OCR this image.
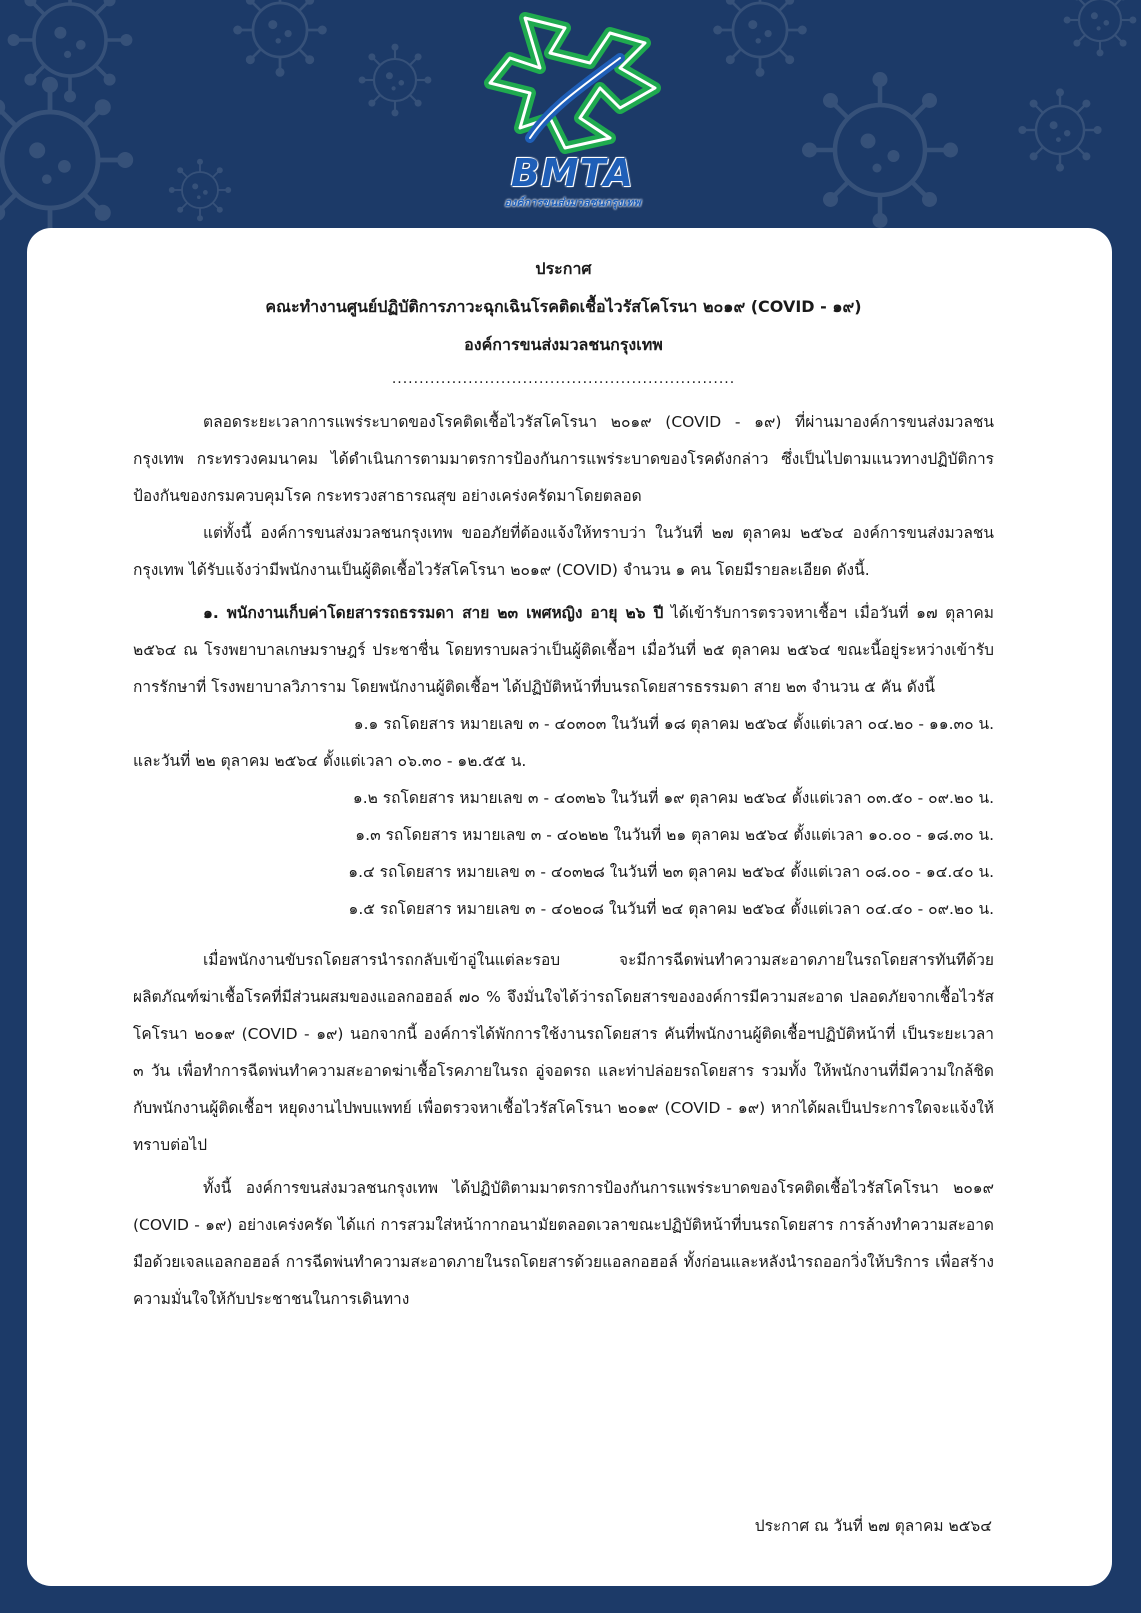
BMTA
องค์การขนส่งมวลชนกรุงเทพ
ประกาศ
คณะทำงานศูนย์ปฏิบัติการภาวะฉุกเฉินโรคติดเชื้อไวรัสโคโรนา ๒๐๑๙ (COVID - ๑๙)
องค์การขนส่งมวลชนกรุงเทพ
...............................................................

ตลอดระยะเวลาการแพร่ระบาดของโรคติดเชื้อไวรัสโคโรนา ๒๐๑๙ (COVID - ๑๙) ที่ผ่านมาองค์การขนส่งมวลชนกรุงเทพ กระทรวงคมนาคม ได้ดำเนินการตามมาตรการป้องกันการแพร่ระบาดของโรคดังกล่าว ซึ่งเป็นไปตามแนวทางปฏิบัติการป้องกันของกรมควบคุมโรค กระทรวงสาธารณสุข อย่างเคร่งครัดมาโดยตลอด

แต่ทั้งนี้ องค์การขนส่งมวลชนกรุงเทพ ขออภัยที่ต้องแจ้งให้ทราบว่า ในวันที่ ๒๗ ตุลาคม ๒๕๖๔ องค์การขนส่งมวลชนกรุงเทพ ได้รับแจ้งว่ามีพนักงานเป็นผู้ติดเชื้อไวรัสโคโรนา ๒๐๑๙ (COVID) จำนวน ๑ คน โดยมีรายละเอียด ดังนี้.

๑. พนักงานเก็บค่าโดยสารรถธรรมดา สาย ๒๓ เพศหญิง อายุ ๒๖ ปี ได้เข้ารับการตรวจหาเชื้อฯ เมื่อวันที่ ๑๗ ตุลาคม ๒๕๖๔ ณ โรงพยาบาลเกษมราษฎร์ ประชาชื่น โดยทราบผลว่าเป็นผู้ติดเชื้อฯ เมื่อวันที่ ๒๕ ตุลาคม ๒๕๖๔ ขณะนี้อยู่ระหว่างเข้ารับการรักษาที่ โรงพยาบาลวิภาราม โดยพนักงานผู้ติดเชื้อฯ ได้ปฏิบัติหน้าที่บนรถโดยสารธรรมดา สาย ๒๓ จำนวน ๕ คัน ดังนี้

๑.๑ รถโดยสาร หมายเลข ๓ - ๔๐๓๐๓ ในวันที่ ๑๘ ตุลาคม ๒๕๖๔ ตั้งแต่เวลา ๐๔.๒๐ - ๑๑.๓๐ น.

และวันที่ ๒๒ ตุลาคม ๒๕๖๔ ตั้งแต่เวลา ๐๖.๓๐ - ๑๒.๕๕ น.

๑.๒ รถโดยสาร หมายเลข ๓ - ๔๐๓๒๖ ในวันที่ ๑๙ ตุลาคม ๒๕๖๔ ตั้งแต่เวลา ๐๓.๕๐ - ๐๙.๒๐ น.

๑.๓ รถโดยสาร หมายเลข ๓ - ๔๐๒๒๒ ในวันที่ ๒๑ ตุลาคม ๒๕๖๔ ตั้งแต่เวลา ๑๐.๐๐ - ๑๘.๓๐ น.

๑.๔ รถโดยสาร หมายเลข ๓ - ๔๐๓๒๘ ในวันที่ ๒๓ ตุลาคม ๒๕๖๔ ตั้งแต่เวลา ๐๘.๐๐ - ๑๔.๔๐ น.

๑.๕ รถโดยสาร หมายเลข ๓ - ๔๐๒๐๘ ในวันที่ ๒๔ ตุลาคม ๒๕๖๔ ตั้งแต่เวลา ๐๔.๔๐ - ๐๙.๒๐ น.

เมื่อพนักงานขับรถโดยสารนำรถกลับเข้าอู่ในแต่ละรอบ จะมีการฉีดพ่นทำความสะอาดภายในรถโดยสารทันทีด้วยผลิตภัณฑ์ฆ่าเชื้อโรคที่มีส่วนผสมของแอลกอฮอล์ ๗๐ % จึงมั่นใจได้ว่ารถโดยสารขององค์การมีความสะอาด ปลอดภัยจากเชื้อไวรัสโคโรนา ๒๐๑๙ (COVID - ๑๙) นอกจากนี้ องค์การได้พักการใช้งานรถโดยสาร คันที่พนักงานผู้ติดเชื้อฯปฏิบัติหน้าที่ เป็นระยะเวลา ๓ วัน เพื่อทำการฉีดพ่นทำความสะอาดฆ่าเชื้อโรคภายในรถ อู่จอดรถ และท่าปล่อยรถโดยสาร รวมทั้ง ให้พนักงานที่มีความใกล้ชิดกับพนักงานผู้ติดเชื้อฯ หยุดงานไปพบแพทย์ เพื่อตรวจหาเชื้อไวรัสโคโรนา ๒๐๑๙ (COVID - ๑๙) หากได้ผลเป็นประการใดจะแจ้งให้ทราบต่อไป

ทั้งนี้ องค์การขนส่งมวลชนกรุงเทพ ได้ปฏิบัติตามมาตรการป้องกันการแพร่ระบาดของโรคติดเชื้อไวรัสโคโรนา ๒๐๑๙ (COVID - ๑๙) อย่างเคร่งครัด ได้แก่ การสวมใส่หน้ากากอนามัยตลอดเวลาขณะปฏิบัติหน้าที่บนรถโดยสาร การล้างทำความสะอาดมือด้วยเจลแอลกอฮอล์ การฉีดพ่นทำความสะอาดภายในรถโดยสารด้วยแอลกอฮอล์ ทั้งก่อนและหลังนำรถออกวิ่งให้บริการ เพื่อสร้างความมั่นใจให้กับประชาชนในการเดินทาง

ประกาศ ณ วันที่ ๒๗ ตุลาคม ๒๕๖๔
